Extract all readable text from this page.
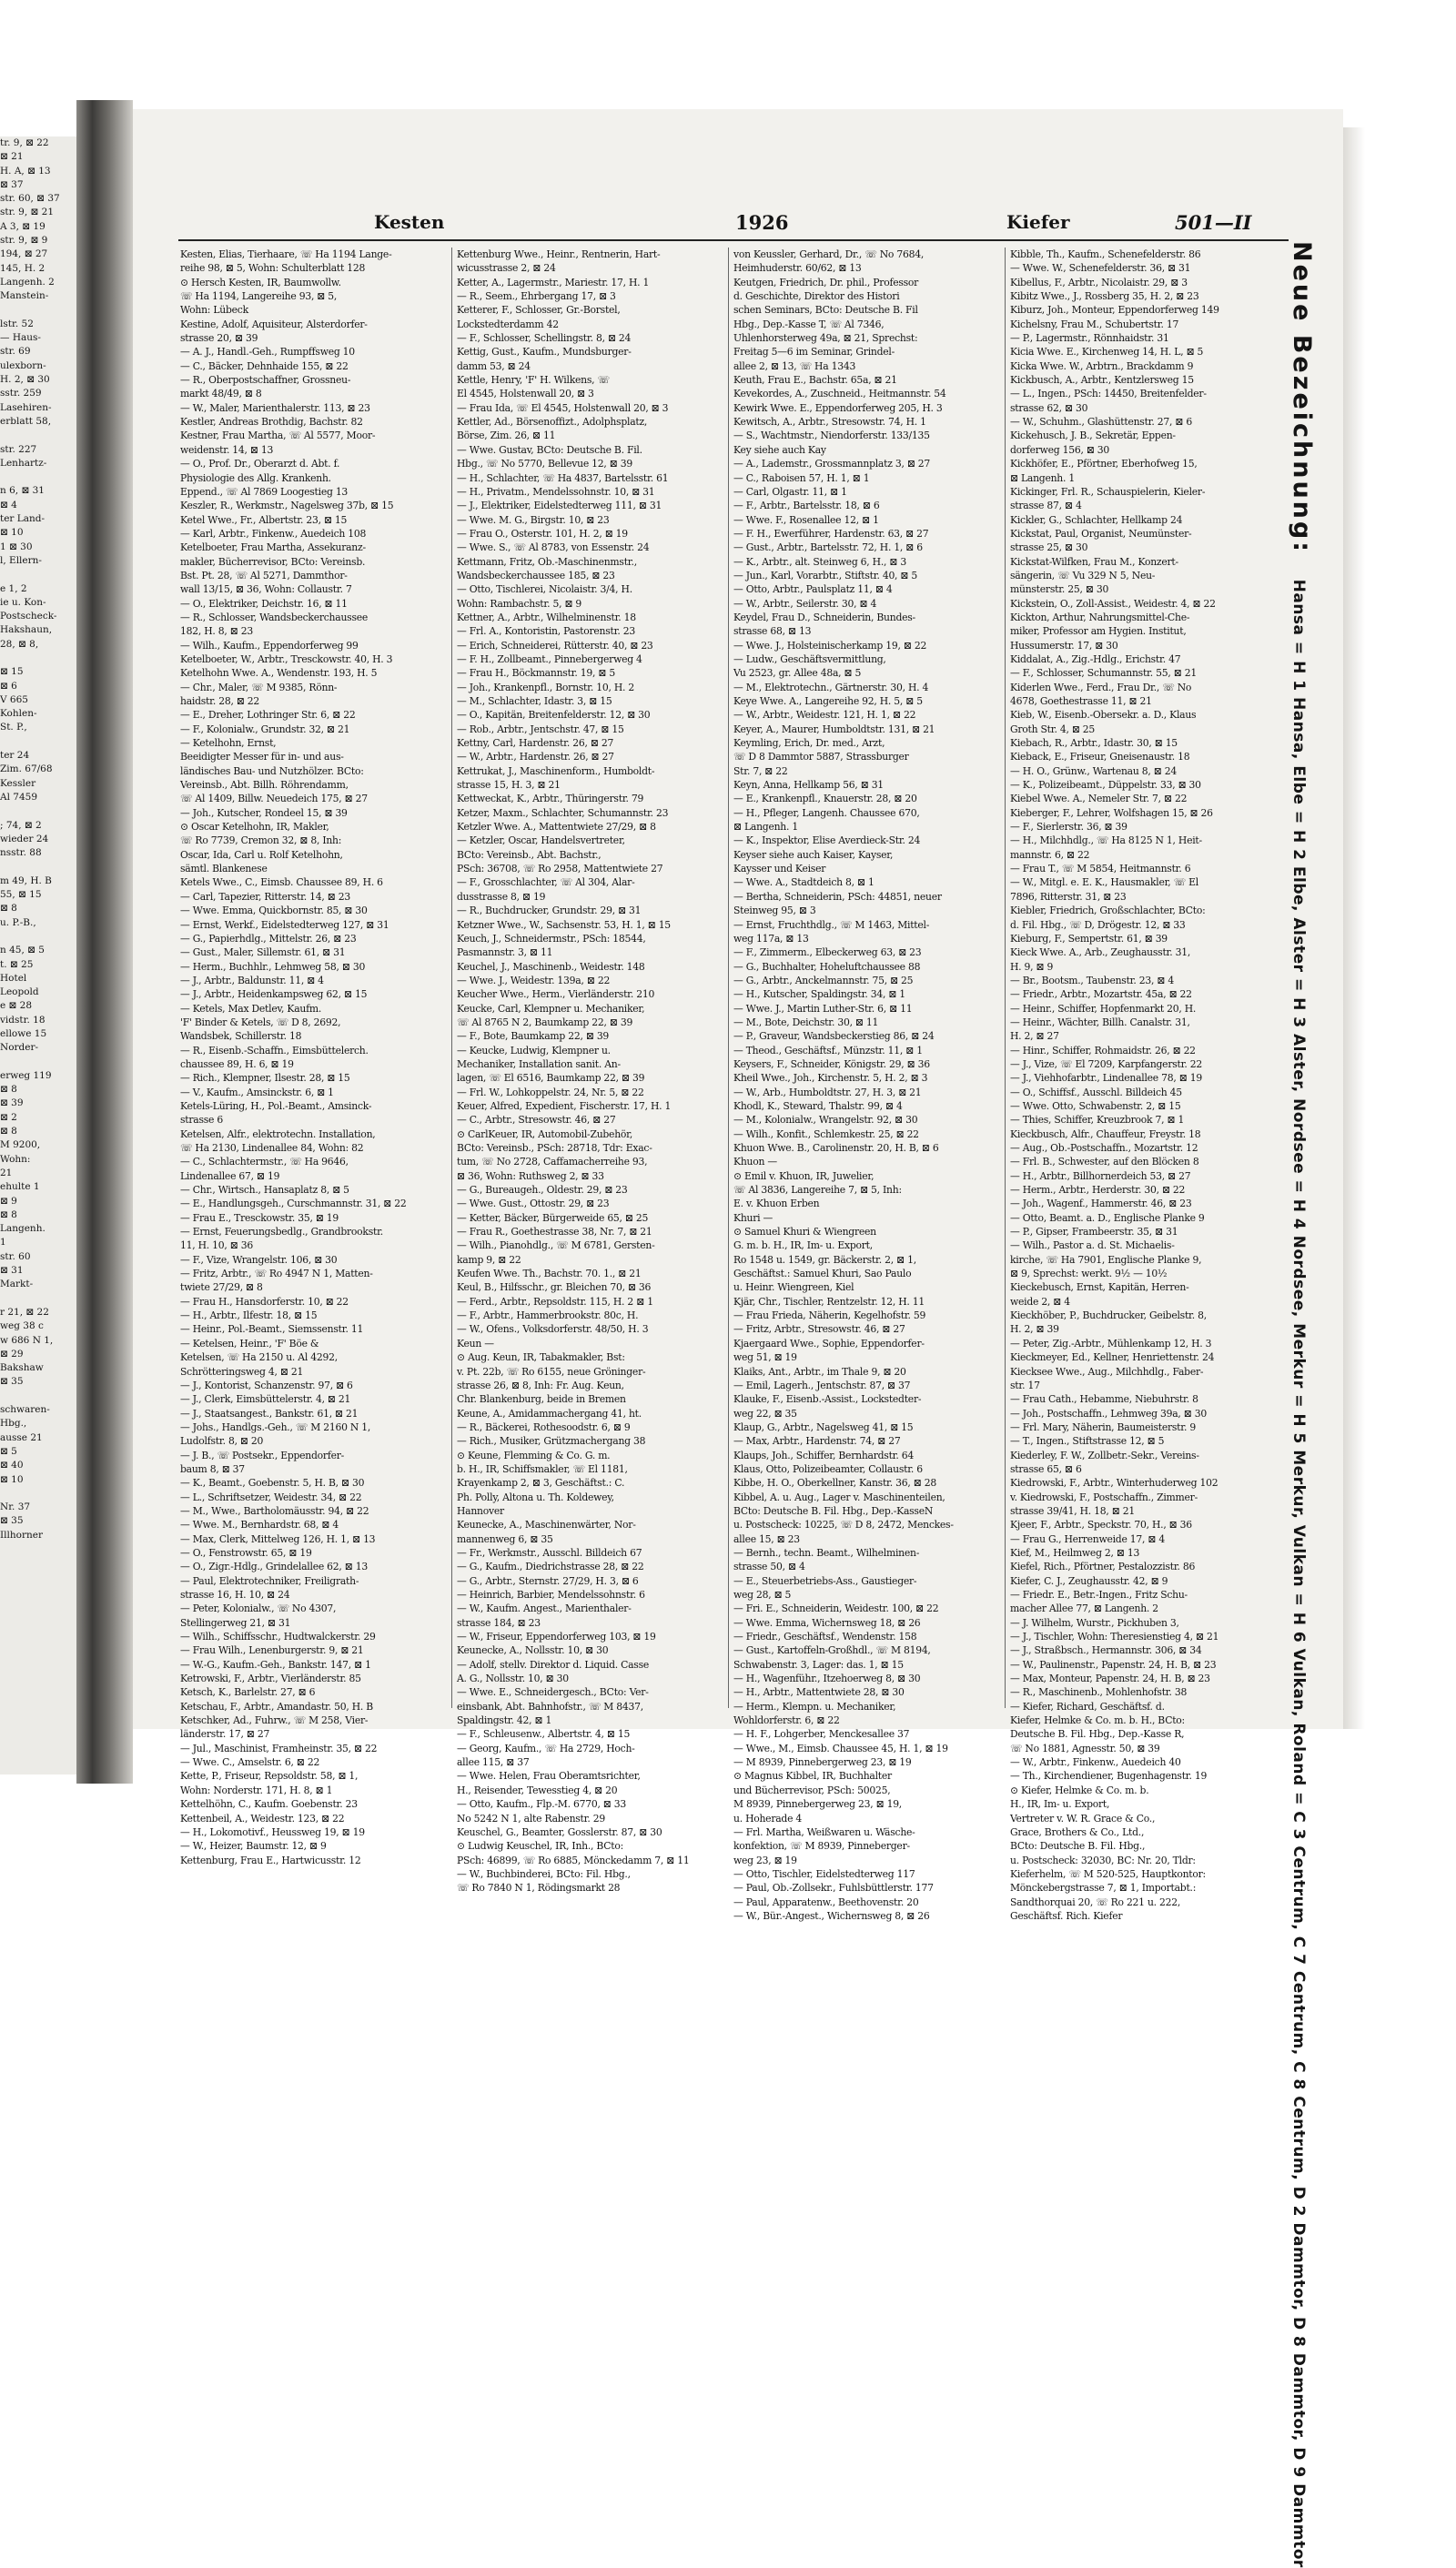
tr. 9, ⊠ 22
⊠ 21
H. A, ⊠ 13
⊠ 37
str. 60, ⊠ 37
str. 9, ⊠ 21
A 3, ⊠ 19
str. 9, ⊠ 9
194, ⊠ 27
145, H. 2
Langenh. 2
Manstein-

lstr. 52
— Haus-
str. 69
ulexborn-
H. 2, ⊠ 30
sstr. 259
Lasehiren-
erblatt 58,

str. 227
Lenhartz-

n 6, ⊠ 31
⊠ 4
ter Land-
⊠ 10
1 ⊠ 30
l, Ellern-

e 1, 2
ie u. Kon-
Postscheck-
Hakshaun,
28, ⊠ 8,

⊠ 15
⊠ 6
V 665
Kohlen-
St. P.,

ter 24
Zim. 67/68
Kessler
Al 7459

; 74, ⊠ 2
wieder 24
nsstr. 88

m 49, H. B
55, ⊠ 15
⊠ 8
u. P.-B.,

n 45, ⊠ 5
t. ⊠ 25
Hotel
Leopold
e ⊠ 28
vidstr. 18
ellowe 15
Norder-

erweg 119
⊠ 8
⊠ 39
⊠ 2
⊠ 8
M 9200,
Wohn:
21
ehulte 1
⊠ 9
⊠ 8
Langenh.
1
str. 60
⊠ 31
Markt-

r 21, ⊠ 22
weg 38 c
w 686 N 1,
⊠ 29
Bakshaw
⊠ 35

schwaren-
Hbg.,
ausse 21
⊠ 5
⊠ 40
⊠ 10

Nr. 37
⊠ 35
Illhorner
Kesten	1926	Kiefer	501—II
Kesten, Elias, Tierhaare, ☏ Ha 1194 Lange-
reihe 98, ⊠ 5, Wohn: Schulterblatt 128
⊙ Hersch Kesten, IR, Baumwollw.
☏ Ha 1194, Langereihe 93, ⊠ 5,
Wohn: Lübeck
Kestine, Adolf, Aquisiteur, Alsterdorfer-
strasse 20, ⊠ 39
— A. J., Handl.-Geh., Rumpffsweg 10
— C., Bäcker, Dehnhaide 155, ⊠ 22
— R., Oberpostschaffner, Grossneu-
markt 48/49, ⊠ 8
— W., Maler, Marienthalerstr. 113, ⊠ 23
Kestler, Andreas Brothdig, Bachstr. 82
Kestner, Frau Martha, ☏ Al 5577, Moor-
weidenstr. 14, ⊠ 13
— O., Prof. Dr., Oberarzt d. Abt. f.
Physiologie des Allg. Krankenh.
Eppend., ☏ Al 7869 Loogestieg 13
Keszler, R., Werkmstr., Nagelsweg 37b, ⊠ 15
Ketel Wwe., Fr., Albertstr. 23, ⊠ 15
— Karl, Arbtr., Finkenw., Auedeich 108
Ketelboeter, Frau Martha, Assekuranz-
makler, Bücherrevisor, BCto: Vereinsb.
Bst. Pt. 28, ☏ Al 5271, Dammthor-
wall 13/15, ⊠ 36, Wohn: Collaustr. 7
— O., Elektriker, Deichstr. 16, ⊠ 11
— R., Schlosser, Wandsbeckerchaussee
182, H. 8, ⊠ 23
— Wilh., Kaufm., Eppendorferweg 99
Ketelboeter, W., Arbtr., Tresckowstr. 40, H. 3
Ketelhohn Wwe. A., Wendenstr. 193, H. 5
— Chr., Maler, ☏ M 9385, Rönn-
haidstr. 28, ⊠ 22
— E., Dreher, Lothringer Str. 6, ⊠ 22
— F., Kolonialw., Grundstr. 32, ⊠ 21
— Ketelhohn, Ernst,
Beeidigter Messer für in- und aus-
ländisches Bau- und Nutzhölzer. BCto:
Vereinsb., Abt. Billh. Röhrendamm,
☏ Al 1409, Billw. Neuedeich 175, ⊠ 27
— Joh., Kutscher, Rondeel 15, ⊠ 39
⊙ Oscar Ketelhohn, IR, Makler,
☏ Ro 7739, Cremon 32, ⊠ 8, Inh:
Oscar, Ida, Carl u. Rolf Ketelhohn,
sämtl. Blankenese
Ketels Wwe., C., Eimsb. Chaussee 89, H. 6
— Carl, Tapezier, Ritterstr. 14, ⊠ 23
— Wwe. Emma, Quickbornstr. 85, ⊠ 30
— Ernst, Werkf., Eidelstedterweg 127, ⊠ 31
— G., Papierhdlg., Mittelstr. 26, ⊠ 23
— Gust., Maler, Sillemstr. 61, ⊠ 31
— Herm., Buchhlr., Lehmweg 58, ⊠ 30
— J., Arbtr., Baldunstr. 11, ⊠ 4
— J., Arbtr., Heidenkampsweg 62, ⊠ 15
— Ketels, Max Detlev, Kaufm.
'F' Binder & Ketels, ☏ D 8, 2692,
Wandsbek, Schillerstr. 18
— R., Eisenb.-Schaffn., Eimsbüttelerch.
chaussee 89, H. 6, ⊠ 19
— Rich., Klempner, Ilsestr. 28, ⊠ 15
— V., Kaufm., Amsinckstr. 6, ⊠ 1
Ketels-Lüring, H., Pol.-Beamt., Amsinck-
strasse 6
Ketelsen, Alfr., elektrotechn. Installation,
☏ Ha 2130, Lindenallee 84, Wohn: 82
— C., Schlachtermstr., ☏ Ha 9646,
Lindenallee 67, ⊠ 19
— Chr., Wirtsch., Hansaplatz 8, ⊠ 5
— E., Handlungsgeh., Curschmannstr. 31, ⊠ 22
— Frau E., Tresckowstr. 35, ⊠ 19
— Ernst, Feuerungsbedlg., Grandbrookstr.
11, H. 10, ⊠ 36
— F., Vize, Wrangelstr. 106, ⊠ 30
— Fritz, Arbtr., ☏ Ro 4947 N 1, Matten-
twiete 27/29, ⊠ 8
— Frau H., Hansdorferstr. 10, ⊠ 22
— H., Arbtr., Ilfestr. 18, ⊠ 15
— Heinr., Pol.-Beamt., Siemssenstr. 11
— Ketelsen, Heinr., 'F' Böe &
Ketelsen, ☏ Ha 2150 u. Al 4292,
Schrötteringsweg 4, ⊠ 21
— J., Kontorist, Schanzenstr. 97, ⊠ 6
— J., Clerk, Eimsbüttelerstr. 4, ⊠ 21
— J., Staatsangest., Bankstr. 61, ⊠ 21
— Johs., Handlgs.-Geh., ☏ M 2160 N 1,
Ludolfstr. 8, ⊠ 20
— J. B., ☏ Postsekr., Eppendorfer-
baum 8, ⊠ 37
— K., Beamt., Goebenstr. 5, H. B, ⊠ 30
— L., Schriftsetzer, Weidestr. 34, ⊠ 22
— M., Wwe., Bartholomäusstr. 94, ⊠ 22
— Wwe. M., Bernhardstr. 68, ⊠ 4
— Max, Clerk, Mittelweg 126, H. 1, ⊠ 13
— O., Fenstrowstr. 65, ⊠ 19
— O., Zigr.-Hdlg., Grindelallee 62, ⊠ 13
— Paul, Elektrotechniker, Freiligrath-
strasse 16, H. 10, ⊠ 24
— Peter, Kolonialw., ☏ No 4307,
Stellingerweg 21, ⊠ 31
— Wilh., Schiffsschr., Hudtwalckerstr. 29
— Frau Wilh., Lenenburgerstr. 9, ⊠ 21
— W.-G., Kaufm.-Geh., Bankstr. 147, ⊠ 1
Ketrowski, F., Arbtr., Vierländerstr. 85
Ketsch, K., Barlelstr. 27, ⊠ 6
Ketschau, F., Arbtr., Amandastr. 50, H. B
Ketschker, Ad., Fuhrw., ☏ M 258, Vier-
länderstr. 17, ⊠ 27
— Jul., Maschinist, Framheinstr. 35, ⊠ 22
— Wwe. C., Amselstr. 6, ⊠ 22
Kette, P., Friseur, Repsoldstr. 58, ⊠ 1,
Wohn: Norderstr. 171, H. 8, ⊠ 1
Kettelhöhn, C., Kaufm. Goebenstr. 23
Kettenbeil, A., Weidestr. 123, ⊠ 22
— H., Lokomotivf., Heussweg 19, ⊠ 19
— W., Heizer, Baumstr. 12, ⊠ 9
Kettenburg, Frau E., Hartwicusstr. 12
Kettenburg Wwe., Heinr., Rentnerin, Hart-
wicusstrasse 2, ⊠ 24
Ketter, A., Lagermstr., Mariestr. 17, H. 1
— R., Seem., Ehrbergang 17, ⊠ 3
Ketterer, F., Schlosser, Gr.-Borstel,
Lockstedterdamm 42
— F., Schlosser, Schellingstr. 8, ⊠ 24
Kettig, Gust., Kaufm., Mundsburger-
damm 53, ⊠ 24
Kettle, Henry, 'F' H. Wilkens, ☏
El 4545, Holstenwall 20, ⊠ 3
— Frau Ida, ☏ El 4545, Holstenwall 20, ⊠ 3
Kettler, Ad., Börsenoffizt., Adolphsplatz,
Börse, Zim. 26, ⊠ 11
— Wwe. Gustav, BCto: Deutsche B. Fil.
Hbg., ☏ No 5770, Bellevue 12, ⊠ 39
— H., Schlachter, ☏ Ha 4837, Bartelsstr. 61
— H., Privatm., Mendelssohnstr. 10, ⊠ 31
— J., Elektriker, Eidelstedterweg 111, ⊠ 31
— Wwe. M. G., Birgstr. 10, ⊠ 23
— Frau O., Osterstr. 101, H. 2, ⊠ 19
— Wwe. S., ☏ Al 8783, von Essenstr. 24
Kettmann, Fritz, Ob.-Maschinenmstr.,
Wandsbeckerchaussee 185, ⊠ 23
— Otto, Tischlerei, Nicolaistr. 3/4, H.
Wohn: Rambachstr. 5, ⊠ 9
Kettner, A., Arbtr., Wilhelminenstr. 18
— Frl. A., Kontoristin, Pastorenstr. 23
— Erich, Schneiderei, Rütterstr. 40, ⊠ 23
— F. H., Zollbeamt., Pinnebergerweg 4
— Frau H., Böckmannstr. 19, ⊠ 5
— Joh., Krankenpfl., Bornstr. 10, H. 2
— M., Schlachter, Idastr. 3, ⊠ 15
— O., Kapitän, Breitenfelderstr. 12, ⊠ 30
— Rob., Arbtr., Jentschstr. 47, ⊠ 15
Kettny, Carl, Hardenstr. 26, ⊠ 27
— W., Arbtr., Hardenstr. 26, ⊠ 27
Kettrukat, J., Maschinenform., Humboldt-
strasse 15, H. 3, ⊠ 21
Kettweckat, K., Arbtr., Thüringerstr. 79
Ketzer, Maxm., Schlachter, Schumannstr. 23
Ketzler Wwe. A., Mattentwiete 27/29, ⊠ 8
— Ketzler, Oscar, Handelsvertreter,
BCto: Vereinsb., Abt. Bachstr.,
PSch: 36708, ☏ Ro 2958, Mattentwiete 27
— F., Grosschlachter, ☏ Al 304, Alar-
dusstrasse 8, ⊠ 19
— R., Buchdrucker, Grundstr. 29, ⊠ 31
Ketzner Wwe., W., Sachsenstr. 53, H. 1, ⊠ 15
Keuch, J., Schneidermstr., PSch: 18544,
Pasmannstr. 3, ⊠ 11
Keuchel, J., Maschinenb., Weidestr. 148
— Wwe. J., Weidestr. 139a, ⊠ 22
Keucher Wwe., Herm., Vierländerstr. 210
Keucke, Carl, Klempner u. Mechaniker,
☏ Al 8765 N 2, Baumkamp 22, ⊠ 39
— F., Bote, Baumkamp 22, ⊠ 39
— Keucke, Ludwig, Klempner u.
Mechaniker, Installation sanit. An-
lagen, ☏ El 6516, Baumkamp 22, ⊠ 39
— Frl. W., Lohkoppelstr. 24, Nr. 5, ⊠ 22
Keuer, Alfred, Expedient, Fischerstr. 17, H. 1
— C., Arbtr., Stresowstr. 46, ⊠ 27
⊙ CarlKeuer, IR, Automobil-Zubehör,
BCto: Vereinsb., PSch: 28718, Tdr: Exac-
tum, ☏ No 2728, Caffamacherreihe 93,
⊠ 36, Wohn: Ruthsweg 2, ⊠ 33
— G., Bureaugeh., Oldestr. 29, ⊠ 23
— Wwe. Gust., Ottostr. 29, ⊠ 23
— Ketter, Bäcker, Bürgerweide 65, ⊠ 25
— Frau R., Goethestrasse 38, Nr. 7, ⊠ 21
— Wilh., Pianohdlg., ☏ M 6781, Gersten-
kamp 9, ⊠ 22
Keufen Wwe. Th., Bachstr. 70. 1., ⊠ 21
Keul, B., Hilfsschr., gr. Bleichen 70, ⊠ 36
— Ferd., Arbtr., Repsoldstr. 115, H. 2 ⊠ 1
— F., Arbtr., Hammerbrookstr. 80c, H.
— W., Ofens., Volksdorferstr. 48/50, H. 3
Keun —
⊙ Aug. Keun, IR, Tabakmakler, Bst:
v. Pt. 22b, ☏ Ro 6155, neue Gröninger-
strasse 26, ⊠ 8, Inh: Fr. Aug. Keun,
Chr. Blankenburg, beide in Bremen
Keune, A., Amidammachergang 41, ht.
— R., Bäckerei, Rothesoodstr. 6, ⊠ 9
— Rich., Musiker, Grützmachergang 38
⊙ Keune, Flemming & Co. G. m.
b. H., IR, Schiffsmakler, ☏ El 1181,
Krayenkamp 2, ⊠ 3, Geschäftst.: C.
Ph. Polly, Altona u. Th. Koldewey,
Hannover
Keunecke, A., Maschinenwärter, Nor-
mannenweg 6, ⊠ 35
— Fr., Werkmstr., Ausschl. Billdeich 67
— G., Kaufm., Diedrichstrasse 28, ⊠ 22
— G., Arbtr., Sternstr. 27/29, H. 3, ⊠ 6
— Heinrich, Barbier, Mendelssohnstr. 6
— W., Kaufm. Angest., Marienthaler-
strasse 184, ⊠ 23
— W., Friseur, Eppendorferweg 103, ⊠ 19
Keunecke, A., Nollsstr. 10, ⊠ 30
— Adolf, stellv. Direktor d. Liquid. Casse
A. G., Nollsstr. 10, ⊠ 30
— Wwe. E., Schneidergesch., BCto: Ver-
einsbank, Abt. Bahnhofstr., ☏ M 8437,
Spaldingstr. 42, ⊠ 1
— F., Schleusenw., Albertstr. 4, ⊠ 15
— Georg, Kaufm., ☏ Ha 2729, Hoch-
allee 115, ⊠ 37
— Wwe. Helen, Frau Oberamtsrichter,
H., Reisender, Tewesstieg 4, ⊠ 20
— Otto, Kaufm., Flp.-M. 6770, ⊠ 33
No 5242 N 1, alte Rabenstr. 29
Keuschel, G., Beamter, Gosslerstr. 87, ⊠ 30
⊙ Ludwig Keuschel, IR, Inh., BCto:
PSch: 46899, ☏ Ro 6885, Mönckedamm 7, ⊠ 11
— W., Buchbinderei, BCto: Fil. Hbg.,
☏ Ro 7840 N 1, Rödingsmarkt 28
von Keussler, Gerhard, Dr., ☏ No 7684,
Heimhuderstr. 60/62, ⊠ 13
Keutgen, Friedrich, Dr. phil., Professor
d. Geschichte, Direktor des Histori
schen Seminars, BCto: Deutsche B. Fil
Hbg., Dep.-Kasse T, ☏ Al 7346,
Uhlenhorsterweg 49a, ⊠ 21, Sprechst:
Freitag 5—6 im Seminar, Grindel-
allee 2, ⊠ 13, ☏ Ha 1343
Keuth, Frau E., Bachstr. 65a, ⊠ 21
Kevekordes, A., Zuschneid., Heitmannstr. 54
Kewirk Wwe. E., Eppendorferweg 205, H. 3
Kewitsch, A., Arbtr., Stresowstr. 74, H. 1
— S., Wachtmstr., Niendorferstr. 133/135
Key siehe auch Kay
— A., Lademstr., Grossmannplatz 3, ⊠ 27
— C., Raboisen 57, H. 1, ⊠ 1
— Carl, Olgastr. 11, ⊠ 1
— F., Arbtr., Bartelsstr. 18, ⊠ 6
— Wwe. F., Rosenallee 12, ⊠ 1
— F. H., Ewerführer, Hardenstr. 63, ⊠ 27
— Gust., Arbtr., Bartelsstr. 72, H. 1, ⊠ 6
— K., Arbtr., alt. Steinweg 6, H., ⊠ 3
— Jun., Karl, Vorarbtr., Stiftstr. 40, ⊠ 5
— Otto, Arbtr., Paulsplatz 11, ⊠ 4
— W., Arbtr., Seilerstr. 30, ⊠ 4
Keydel, Frau D., Schneiderin, Bundes-
strasse 68, ⊠ 13
— Wwe. J., Holsteinischerkamp 19, ⊠ 22
— Ludw., Geschäftsvermittlung,
Vu 2523, gr. Allee 48a, ⊠ 5
— M., Elektrotechn., Gärtnerstr. 30, H. 4
Keye Wwe. A., Langereihe 92, H. 5, ⊠ 5
— W., Arbtr., Weidestr. 121, H. 1, ⊠ 22
Keyer, A., Maurer, Humboldtstr. 131, ⊠ 21
Keymling, Erich, Dr. med., Arzt,
☏ D 8 Dammtor 5887, Strassburger
Str. 7, ⊠ 22
Keyn, Anna, Hellkamp 56, ⊠ 31
— E., Krankenpfl., Knauerstr. 28, ⊠ 20
— H., Pfleger, Langenh. Chaussee 670,
⊠ Langenh. 1
— K., Inspektor, Elise Averdieck-Str. 24
Keyser siehe auch Kaiser, Kayser,
Kaysser und Keiser
— Wwe. A., Stadtdeich 8, ⊠ 1
— Bertha, Schneiderin, PSch: 44851, neuer
Steinweg 95, ⊠ 3
— Ernst, Fruchthdlg., ☏ M 1463, Mittel-
weg 117a, ⊠ 13
— F., Zimmerm., Elbeckerweg 63, ⊠ 23
— G., Buchhalter, Hoheluftchaussee 88
— G., Arbtr., Anckelmannstr. 75, ⊠ 25
— H., Kutscher, Spaldingstr. 34, ⊠ 1
— Wwe. J., Martin Luther-Str. 6, ⊠ 11
— M., Bote, Deichstr. 30, ⊠ 11
— P., Graveur, Wandsbeckerstieg 86, ⊠ 24
— Theod., Geschäftsf., Münzstr. 11, ⊠ 1
Keysers, F., Schneider, Königstr. 29, ⊠ 36
Kheil Wwe., Joh., Kirchenstr. 5, H. 2, ⊠ 3
— W., Arb., Humboldtstr. 27, H. 3, ⊠ 21
Khodl, K., Steward, Thalstr. 99, ⊠ 4
— M., Kolonialw., Wrangelstr. 92, ⊠ 30
— Wilh., Konfit., Schlemkestr. 25, ⊠ 22
Khuon Wwe. B., Carolinenstr. 20, H. B, ⊠ 6
Khuon —
⊙ Emil v. Khuon, IR, Juwelier,
☏ Al 3836, Langereihe 7, ⊠ 5, Inh:
E. v. Khuon Erben
Khuri —
⊙ Samuel Khuri & Wiengreen
G. m. b. H., IR, Im- u. Export,
Ro 1548 u. 1549, gr. Bäckerstr. 2, ⊠ 1,
Geschäftst.: Samuel Khuri, Sao Paulo
u. Heinr. Wiengreen, Kiel
Kjär, Chr., Tischler, Rentzelstr. 12, H. 11
— Frau Frieda, Näherin, Kegelhofstr. 59
— Fritz, Arbtr., Stresowstr. 46, ⊠ 27
Kjaergaard Wwe., Sophie, Eppendorfer-
weg 51, ⊠ 19
Klaiks, Ant., Arbtr., im Thale 9, ⊠ 20
— Emil, Lagerh., Jentschstr. 87, ⊠ 37
Klauke, F., Eisenb.-Assist., Lockstedter-
weg 22, ⊠ 35
Klaup, G., Arbtr., Nagelsweg 41, ⊠ 15
— Max, Arbtr., Hardenstr. 74, ⊠ 27
Klaups, Joh., Schiffer, Bernhardstr. 64
Klaus, Otto, Polizeibeamter, Collaustr. 6
Kibbe, H. O., Oberkellner, Kanstr. 36, ⊠ 28
Kibbel, A. u. Aug., Lager v. Maschinenteilen,
BCto: Deutsche B. Fil. Hbg., Dep.-KasseN
u. Postscheck: 10225, ☏ D 8, 2472, Menckes-
allee 15, ⊠ 23
— Bernh., techn. Beamt., Wilhelminen-
strasse 50, ⊠ 4
— E., Steuerbetriebs-Ass., Gaustieger-
weg 28, ⊠ 5
— Fri. E., Schneiderin, Weidestr. 100, ⊠ 22
— Wwe. Emma, Wichernsweg 18, ⊠ 26
— Friedr., Geschäftsf., Wendenstr. 158
— Gust., Kartoffeln-Großhdl., ☏ M 8194,
Schwabenstr. 3, Lager: das. 1, ⊠ 15
— H., Wagenführ., Itzehoerweg 8, ⊠ 30
— H., Arbtr., Mattentwiete 28, ⊠ 30
— Herm., Klempn. u. Mechaniker,
Wohldorferstr. 6, ⊠ 22
— H. F., Lohgerber, Menckesallee 37
— Wwe., M., Eimsb. Chaussee 45, H. 1, ⊠ 19
— M 8939, Pinnebergerweg 23, ⊠ 19
⊙ Magnus Kibbel, IR, Buchhalter
und Bücherrevisor, PSch: 50025,
M 8939, Pinnebergerweg 23, ⊠ 19,
u. Hoherade 4
— Frl. Martha, Weißwaren u. Wäsche-
konfektion, ☏ M 8939, Pinneberger-
weg 23, ⊠ 19
— Otto, Tischler, Eidelstedterweg 117
— Paul, Ob.-Zollsekr., Fuhlsbüttlerstr. 177
— Paul, Apparatenw., Beethovenstr. 20
— W., Bür.-Angest., Wichernsweg 8, ⊠ 26
Kibble, Th., Kaufm., Schenefelderstr. 86
— Wwe. W., Schenefelderstr. 36, ⊠ 31
Kibellus, F., Arbtr., Nicolaistr. 29, ⊠ 3
Kibitz Wwe., J., Rossberg 35, H. 2, ⊠ 23
Kiburz, Joh., Monteur, Eppendorferweg 149
Kichelsny, Frau M., Schubertstr. 17
— P., Lagermstr., Rönnhaidstr. 31
Kicia Wwe. E., Kirchenweg 14, H. L, ⊠ 5
Kicka Wwe. W., Arbtrn., Brackdamm 9
Kickbusch, A., Arbtr., Kentzlersweg 15
— L., Ingen., PSch: 14450, Breitenfelder-
strasse 62, ⊠ 30
— W., Schuhm., Glashüttenstr. 27, ⊠ 6
Kickehusch, J. B., Sekretär, Eppen-
dorferweg 156, ⊠ 30
Kickhöfer, E., Pförtner, Eberhofweg 15,
⊠ Langenh. 1
Kickinger, Frl. R., Schauspielerin, Kieler-
strasse 87, ⊠ 4
Kickler, G., Schlachter, Hellkamp 24
Kickstat, Paul, Organist, Neumünster-
strasse 25, ⊠ 30
Kickstat-Wilfken, Frau M., Konzert-
sängerin, ☏ Vu 329 N 5, Neu-
münsterstr. 25, ⊠ 30
Kickstein, O., Zoll-Assist., Weidestr. 4, ⊠ 22
Kickton, Arthur, Nahrungsmittel-Che-
miker, Professor am Hygien. Institut,
Hussumerstr. 17, ⊠ 30
Kiddalat, A., Zig.-Hdlg., Erichstr. 47
— F., Schlosser, Schumannstr. 55, ⊠ 21
Kiderlen Wwe., Ferd., Frau Dr., ☏ No
4678, Goethestrasse 11, ⊠ 21
Kieb, W., Eisenb.-Obersekr. a. D., Klaus
Groth Str. 4, ⊠ 25
Kiebach, R., Arbtr., Idastr. 30, ⊠ 15
Kieback, E., Friseur, Gneisenaustr. 18
— H. O., Grünw., Wartenau 8, ⊠ 24
— K., Polizeibeamt., Düppelstr. 33, ⊠ 30
Kiebel Wwe. A., Nemeler Str. 7, ⊠ 22
Kieberger, F., Lehrer, Wolfshagen 15, ⊠ 26
— F., Sierlerstr. 36, ⊠ 39
— H., Milchhdlg., ☏ Ha 8125 N 1, Heit-
mannstr. 6, ⊠ 22
— Frau T., ☏ M 5854, Heitmannstr. 6
— W., Mitgl. e. E. K., Hausmakler, ☏ El
7896, Ritterstr. 31, ⊠ 23
Kiebler, Friedrich, Großschlachter, BCto:
d. Fil. Hbg., ☏ D, Drögestr. 12, ⊠ 33
Kieburg, F., Sempertstr. 61, ⊠ 39
Kieck Wwe. A., Arb., Zeughausstr. 31,
H. 9, ⊠ 9
— Br., Bootsm., Taubenstr. 23, ⊠ 4
— Friedr., Arbtr., Mozartstr. 45a, ⊠ 22
— Heinr., Schiffer, Hopfenmarkt 20, H.
— Heinr., Wächter, Billh. Canalstr. 31,
H. 2, ⊠ 27
— Hinr., Schiffer, Rohmaidstr. 26, ⊠ 22
— J., Vize, ☏ El 7209, Karpfangerstr. 22
— J., Viehhofarbtr., Lindenallee 78, ⊠ 19
— O., Schiffsf., Ausschl. Billdeich 45
— Wwe. Otto, Schwabenstr. 2, ⊠ 15
— Thies, Schiffer, Kreuzbrook 7, ⊠ 1
Kieckbusch, Alfr., Chauffeur, Freystr. 18
— Aug., Ob.-Postschaffn., Mozartstr. 12
— Frl. B., Schwester, auf den Blöcken 8
— H., Arbtr., Billhornerdeich 53, ⊠ 27
— Herm., Arbtr., Herderstr. 30, ⊠ 22
— Joh., Wagenf., Hammerstr. 46, ⊠ 23
— Otto, Beamt. a. D., Englische Planke 9
— P., Gipser, Frambeerstr. 35, ⊠ 31
— Wilh., Pastor a. d. St. Michaelis-
kirche, ☏ Ha 7901, Englische Planke 9,
⊠ 9, Sprechst: werkt. 9½ — 10½
Kieckebusch, Ernst, Kapitän, Herren-
weide 2, ⊠ 4
Kieckhöber, P., Buchdrucker, Geibelstr. 8,
H. 2, ⊠ 39
— Peter, Zig.-Arbtr., Mühlenkamp 12, H. 3
Kieckmeyer, Ed., Kellner, Henriettenstr. 24
Kiecksee Wwe., Aug., Milchhdlg., Faber-
str. 17
— Frau Cath., Hebamme, Niebuhrstr. 8
— Joh., Postschaffn., Lehmweg 39a, ⊠ 30
— Frl. Mary, Näherin, Baumeisterstr. 9
— T., Ingen., Stiftstrasse 12, ⊠ 5
Kiederley, F. W., Zollbetr.-Sekr., Vereins-
strasse 65, ⊠ 6
Kiedrowski, F., Arbtr., Winterhuderweg 102
v. Kiedrowski, F., Postschaffn., Zimmer-
strasse 39/41, H. 18, ⊠ 21
Kjeer, F., Arbtr., Speckstr. 70, H., ⊠ 36
— Frau G., Herrenweide 17, ⊠ 4
Kief, M., Heilmweg 2, ⊠ 13
Kiefel, Rich., Pförtner, Pestalozzistr. 86
Kiefer, C. J., Zeughausstr. 42, ⊠ 9
— Friedr. E., Betr.-Ingen., Fritz Schu-
macher Allee 77, ⊠ Langenh. 2
— J. Wilhelm, Wurstr., Pickhuben 3,
— J., Tischler, Wohn: Theresienstieg 4, ⊠ 21
— J., Straßbsch., Hermannstr. 306, ⊠ 34
— W., Paulinenstr., Papenstr. 24, H. B, ⊠ 23
— Max, Monteur, Papenstr. 24, H. B, ⊠ 23
— R., Maschinenb., Mohlenhofstr. 38
— Kiefer, Richard, Geschäftsf. d.
Kiefer, Helmke & Co. m. b. H., BCto:
Deutsche B. Fil. Hbg., Dep.-Kasse R,
☏ No 1881, Agnesstr. 50, ⊠ 39
— W., Arbtr., Finkenw., Auedeich 40
— Th., Kirchendiener, Bugenhagenstr. 19
⊙ Kiefer, Helmke & Co. m. b.
H., IR, Im- u. Export,
Vertreter v. W. R. Grace & Co.,
Grace, Brothers & Co., Ltd.,
BCto: Deutsche B. Fil. Hbg.,
u. Postscheck: 32030, BC: Nr. 20, Tldr:
Kieferhelm, ☏ M 520-525, Hauptkontor:
Mönckebergstrasse 7, ⊠ 1, Importabt.:
Sandthorquai 20, ☏ Ro 221 u. 222,
Geschäftsf. Rich. Kiefer
Neue Bezeichnung: Hansa = H 1 Hansa, Elbe = H 2 Elbe, Alster = H 3 Alster, Nordsee = H 4 Nordsee, Merkur = H 5 Merkur, Vulkan = H 6 Vulkan, Roland = C 3 Centrum, C 7 Centrum, C 8 Centrum, D 2 Dammtor, D 8 Dammtor, D 9 Dammtor
